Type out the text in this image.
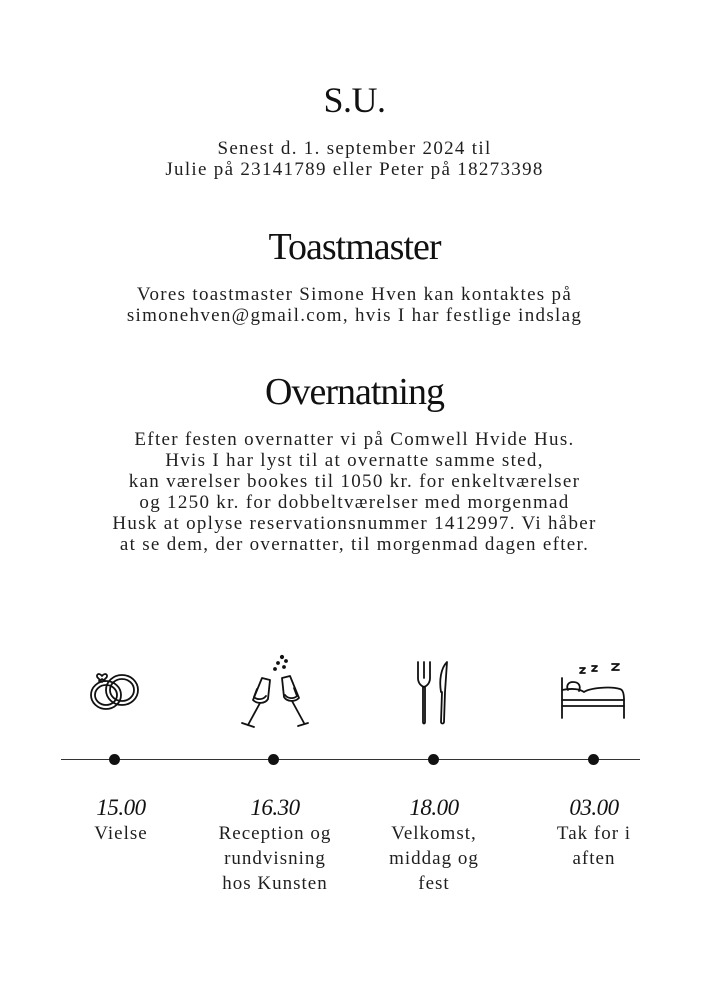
S.U.
Senest d. 1. september 2024 til
Julie på 23141789 eller Peter på 18273398
Toastmaster
Vores toastmaster Simone Hven kan kontaktes på
simonehven@gmail.com, hvis I har festlige indslag
Overnatning
Efter festen overnatter vi på Comwell Hvide Hus.
Hvis I har lyst til at overnatte samme sted,
kan værelser bookes til 1050 kr. for enkeltværelser
og 1250 kr. for dobbeltværelser med morgenmad
Husk at oplyse reservationsnummer 1412997. Vi håber
at se dem, der overnatter, til morgenmad dagen efter.
15.00
Vielse
16.30
Reception og
rundvisning
hos Kunsten
18.00
Velkomst,
middag og
fest
03.00
Tak for i
aften
